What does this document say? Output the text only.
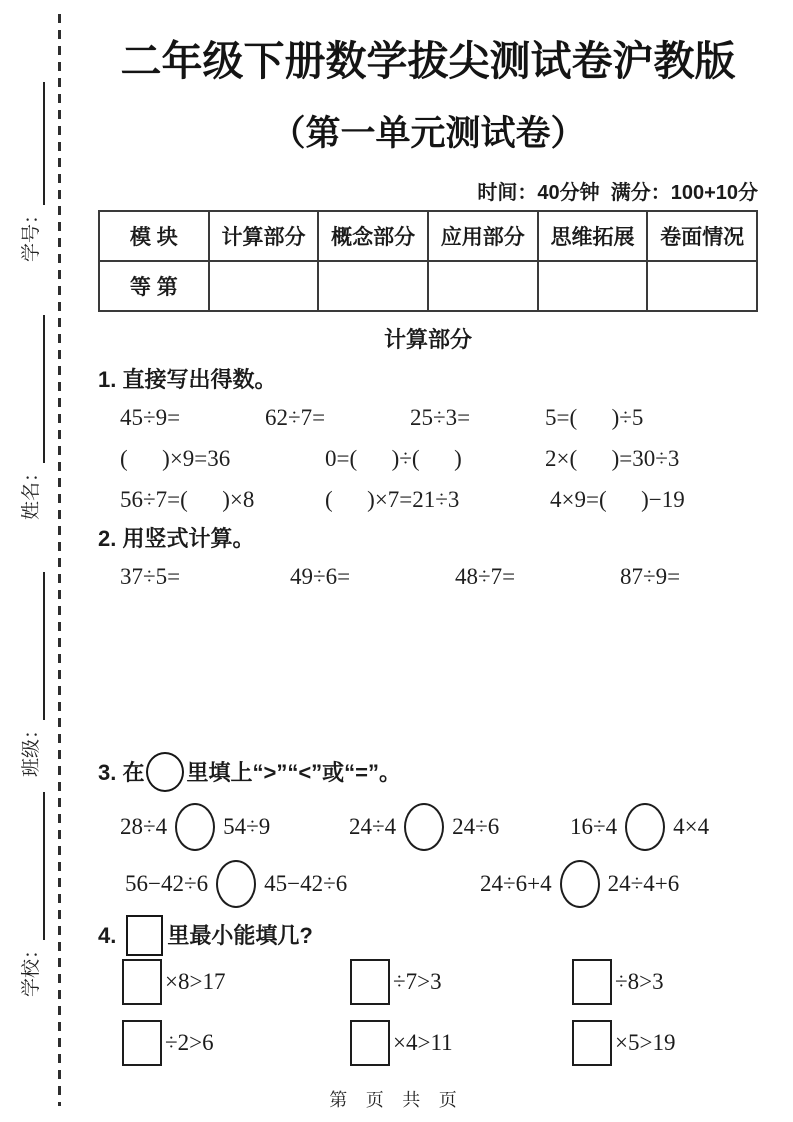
学号：
姓名：
班级：
学校：
二年级下册数学拔尖测试卷沪教版
（第一单元测试卷）
时间：40分钟  满分：100+10分
模 块	计算部分	概念部分	应用部分	思维拓展	卷面情况
等 第					
计算部分
1. 直接写出得数。
45÷9=	62÷7=	25÷3=	5=(      )÷5
(      )×9=36	0=(      )÷(      )	2×(      )=30÷3
56÷7=(      )×8	(      )×7=21÷3	4×9=(      )−19
2. 用竖式计算。
37÷5=	49÷6=	48÷7=	87÷9=
3. 在 里填上“>”“<”或“=”。
28÷4 54÷9	24÷4 24÷6	16÷4 4×4
56−42÷6 45−42÷6	24÷6+4 24÷4+6
4. 里最小能填几?
×8>17	÷7>3	÷8>3
÷2>6	×4>11	×5>19
第 页 共 页
